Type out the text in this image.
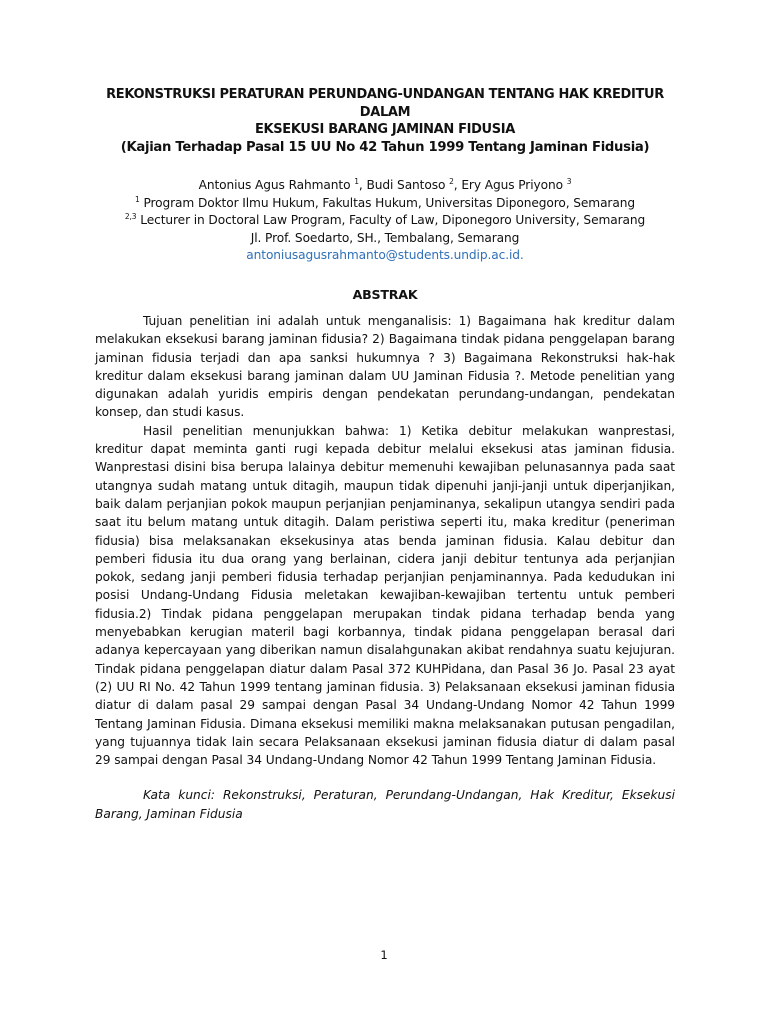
REKONSTRUKSI PERATURAN PERUNDANG-UNDANGAN TENTANG HAK KREDITUR DALAM
EKSEKUSI BARANG JAMINAN FIDUSIA
(Kajian Terhadap Pasal 15 UU No 42 Tahun 1999 Tentang Jaminan Fidusia)
Antonius Agus Rahmanto $^1$, Budi Santoso $^2$, Ery Agus Priyono $^3$
$^1$ Program Doktor Ilmu Hukum, Fakultas Hukum, Universitas Diponegoro, Semarang
$^{2,3}$ Lecturer in Doctoral Law Program, Faculty of Law, Diponegoro University, Semarang
Jl. Prof. Soedarto, SH., Tembalang, Semarang
antoniusagusrahmanto@students.undip.ac.id.
ABSTRAK

Tujuan penelitian ini adalah untuk menganalisis: 1) Bagaimana hak kreditur dalam melakukan eksekusi barang jaminan fidusia? 2) Bagaimana tindak pidana penggelapan barang jaminan fidusia terjadi dan apa sanksi hukumnya ? 3) Bagaimana Rekonstruksi hak-hak kreditur dalam eksekusi barang jaminan dalam UU Jaminan Fidusia ?. Metode penelitian yang digunakan adalah yuridis empiris dengan pendekatan perundang-undangan, pendekatan konsep, dan studi kasus.

Hasil penelitian menunjukkan bahwa: 1) Ketika debitur melakukan wanprestasi, kreditur dapat meminta ganti rugi kepada debitur melalui eksekusi atas jaminan fidusia. Wanprestasi disini bisa berupa lalainya debitur memenuhi kewajiban pelunasannya pada saat utangnya sudah matang untuk ditagih, maupun tidak dipenuhi janji-janji untuk diperjanjikan, baik dalam perjanjian pokok maupun perjanjian penjaminanya, sekalipun utangya sendiri pada saat itu belum matang untuk ditagih. Dalam peristiwa seperti itu, maka kreditur (peneriman fidusia) bisa melaksanakan eksekusinya atas benda jaminan fidusia. Kalau debitur dan pemberi fidusia itu dua orang yang berlainan, cidera janji debitur tentunya ada perjanjian pokok, sedang janji pemberi fidusia terhadap perjanjian penjaminannya. Pada kedudukan ini posisi Undang-Undang Fidusia meletakan kewajiban-kewajiban tertentu untuk pemberi fidusia.2) Tindak pidana penggelapan merupakan tindak pidana terhadap benda yang menyebabkan kerugian materil bagi korbannya, tindak pidana penggelapan berasal dari adanya kepercayaan yang diberikan namun disalahgunakan akibat rendahnya suatu kejujuran. Tindak pidana penggelapan diatur dalam Pasal 372 KUHPidana, dan Pasal 36 Jo. Pasal 23 ayat (2) UU RI No. 42 Tahun 1999 tentang jaminan fidusia. 3) Pelaksanaan eksekusi jaminan fidusia diatur di dalam pasal 29 sampai dengan Pasal 34 Undang-Undang Nomor 42 Tahun 1999 Tentang Jaminan Fidusia. Dimana eksekusi memiliki makna melaksanakan putusan pengadilan, yang tujuannya tidak lain secara Pelaksanaan eksekusi jaminan fidusia diatur di dalam pasal 29 sampai dengan Pasal 34 Undang-Undang Nomor 42 Tahun 1999 Tentang Jaminan Fidusia.

Kata kunci: Rekonstruksi, Peraturan, Perundang-Undangan, Hak Kreditur, Eksekusi Barang, Jaminan Fidusia
1
